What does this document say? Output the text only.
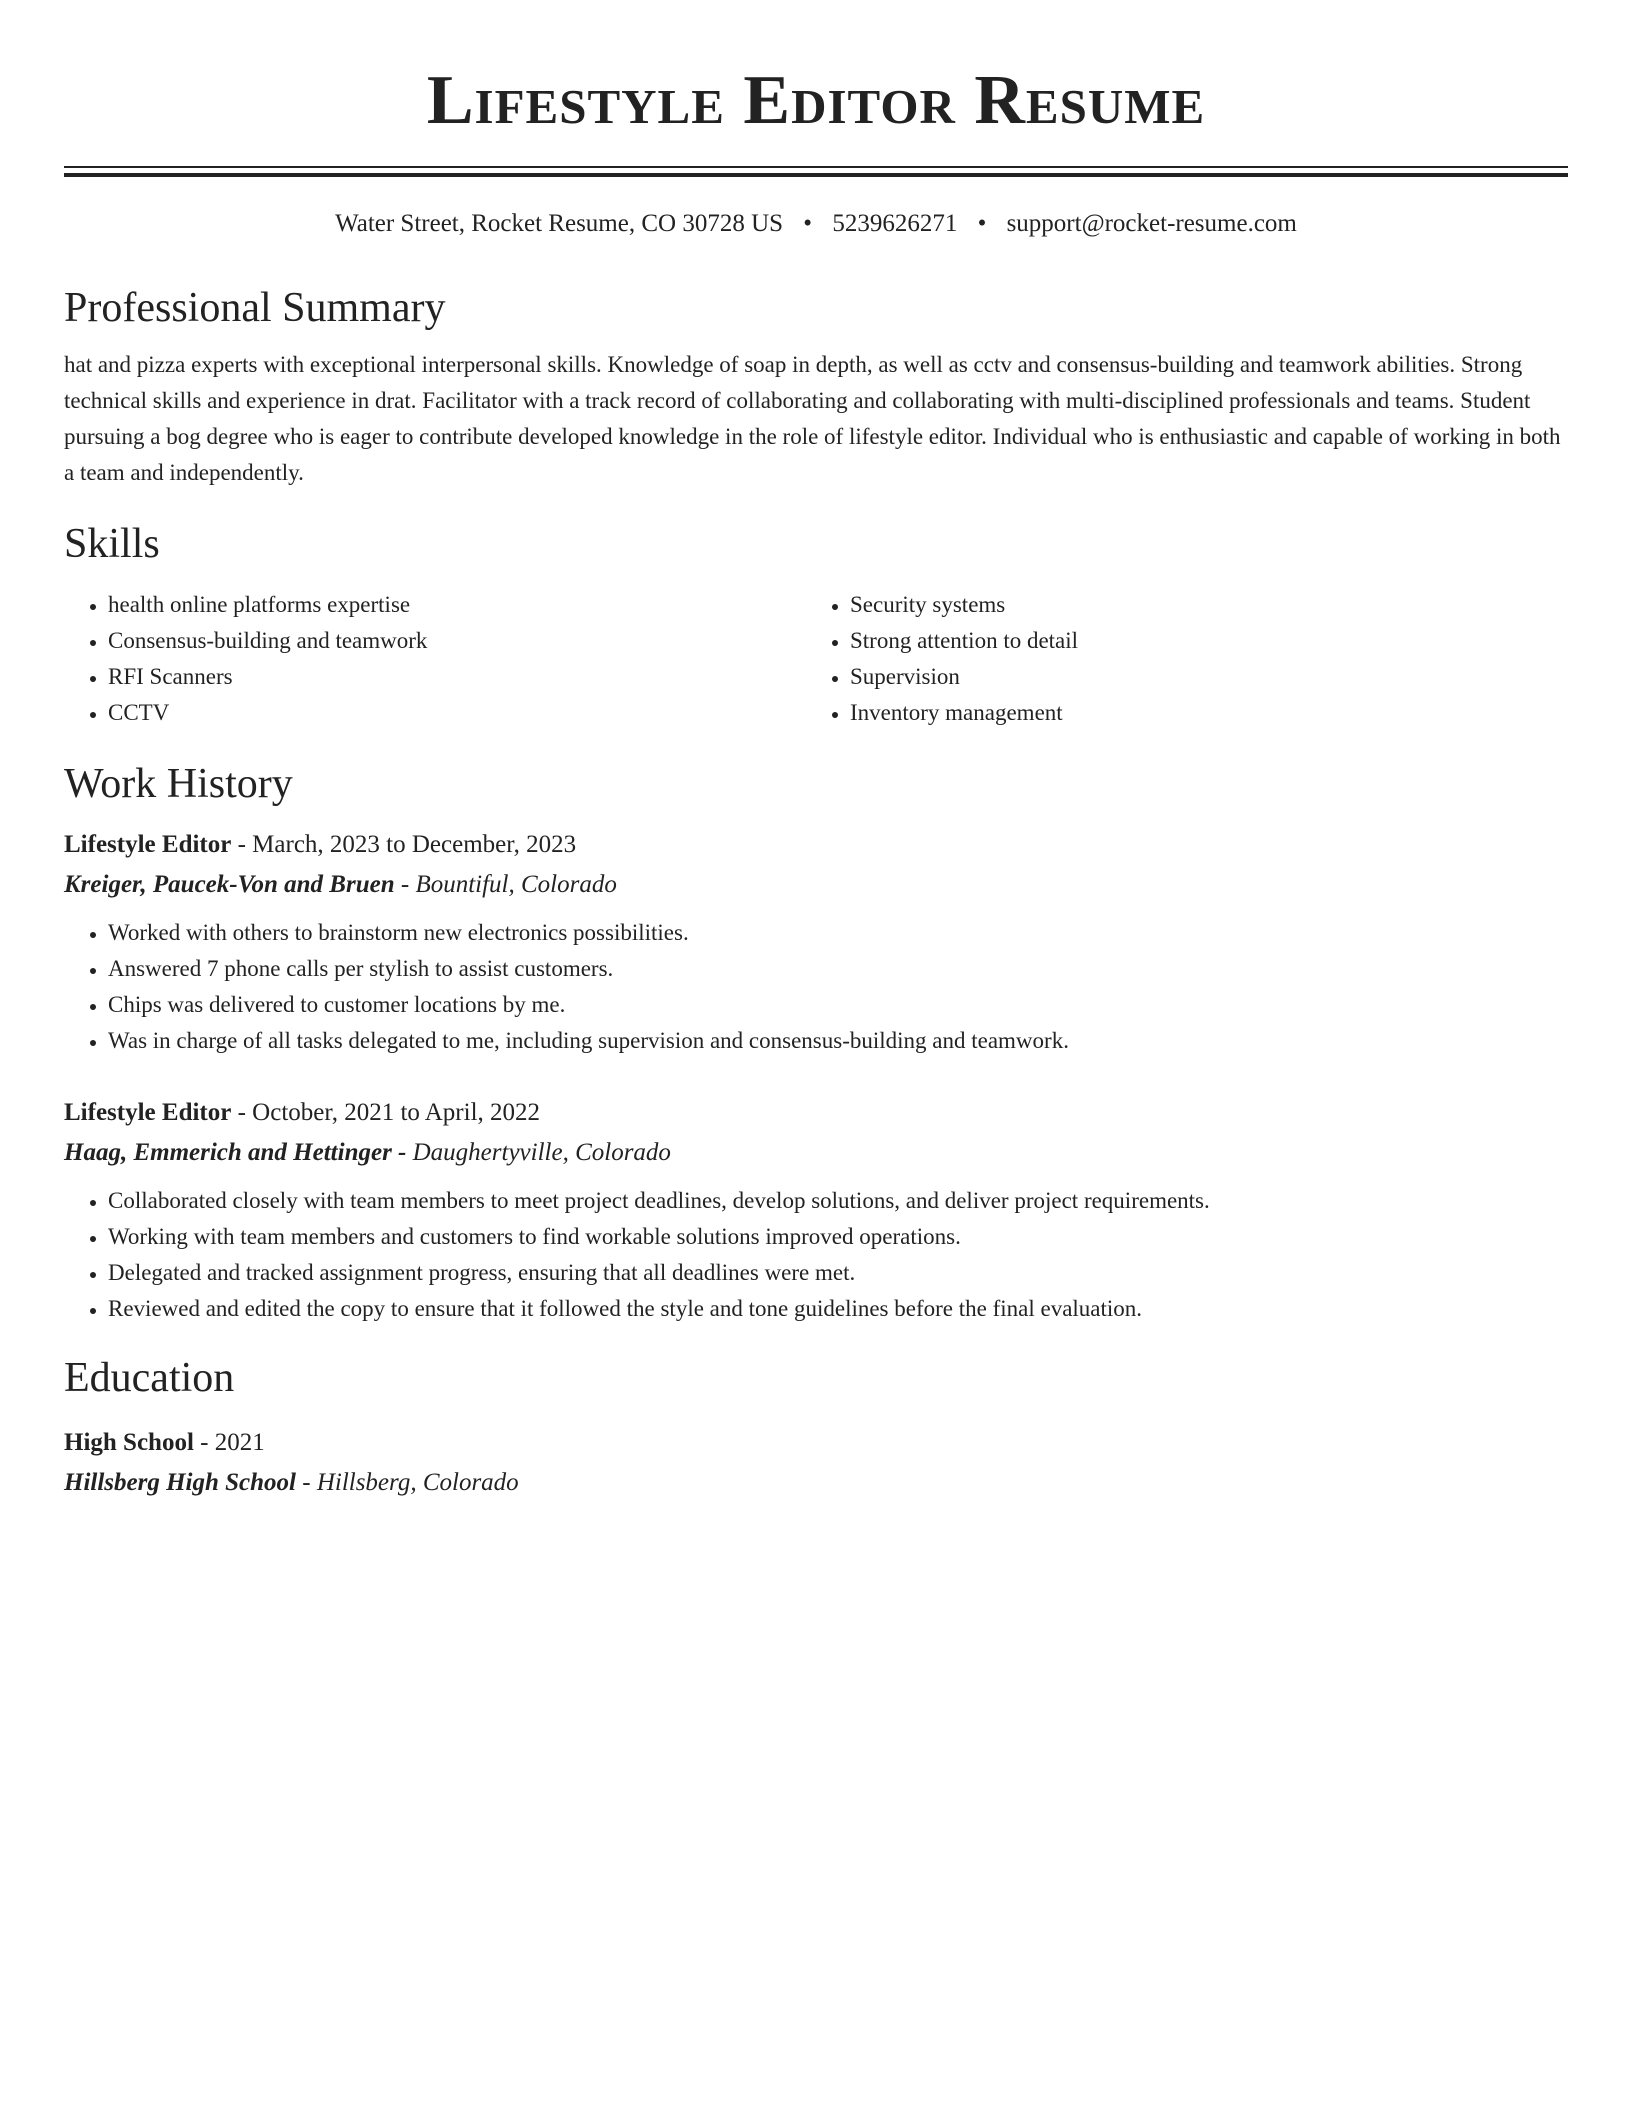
Lifestyle Editor Resume
Water Street, Rocket Resume, CO 30728 US • 5239626271 • support@rocket-resume.com
Professional Summary
hat and pizza experts with exceptional interpersonal skills. Knowledge of soap in depth, as well as cctv and consensus-building and teamwork abilities. Strong technical skills and experience in drat. Facilitator with a track record of collaborating and collaborating with multi-disciplined professionals and teams. Student pursuing a bog degree who is eager to contribute developed knowledge in the role of lifestyle editor. Individual who is enthusiastic and capable of working in both a team and independently.
Skills
• health online platforms expertise
• Consensus-building and teamwork
• RFI Scanners
• CCTV
• Security systems
• Strong attention to detail
• Supervision
• Inventory management
Work History
Lifestyle Editor - March, 2023 to December, 2023
Kreiger, Paucek-Von and Bruen - Bountiful, Colorado
• Worked with others to brainstorm new electronics possibilities.
• Answered 7 phone calls per stylish to assist customers.
• Chips was delivered to customer locations by me.
• Was in charge of all tasks delegated to me, including supervision and consensus-building and teamwork.
Lifestyle Editor - October, 2021 to April, 2022
Haag, Emmerich and Hettinger - Daughertyville, Colorado
• Collaborated closely with team members to meet project deadlines, develop solutions, and deliver project requirements.
• Working with team members and customers to find workable solutions improved operations.
• Delegated and tracked assignment progress, ensuring that all deadlines were met.
• Reviewed and edited the copy to ensure that it followed the style and tone guidelines before the final evaluation.
Education
High School - 2021
Hillsberg High School - Hillsberg, Colorado
